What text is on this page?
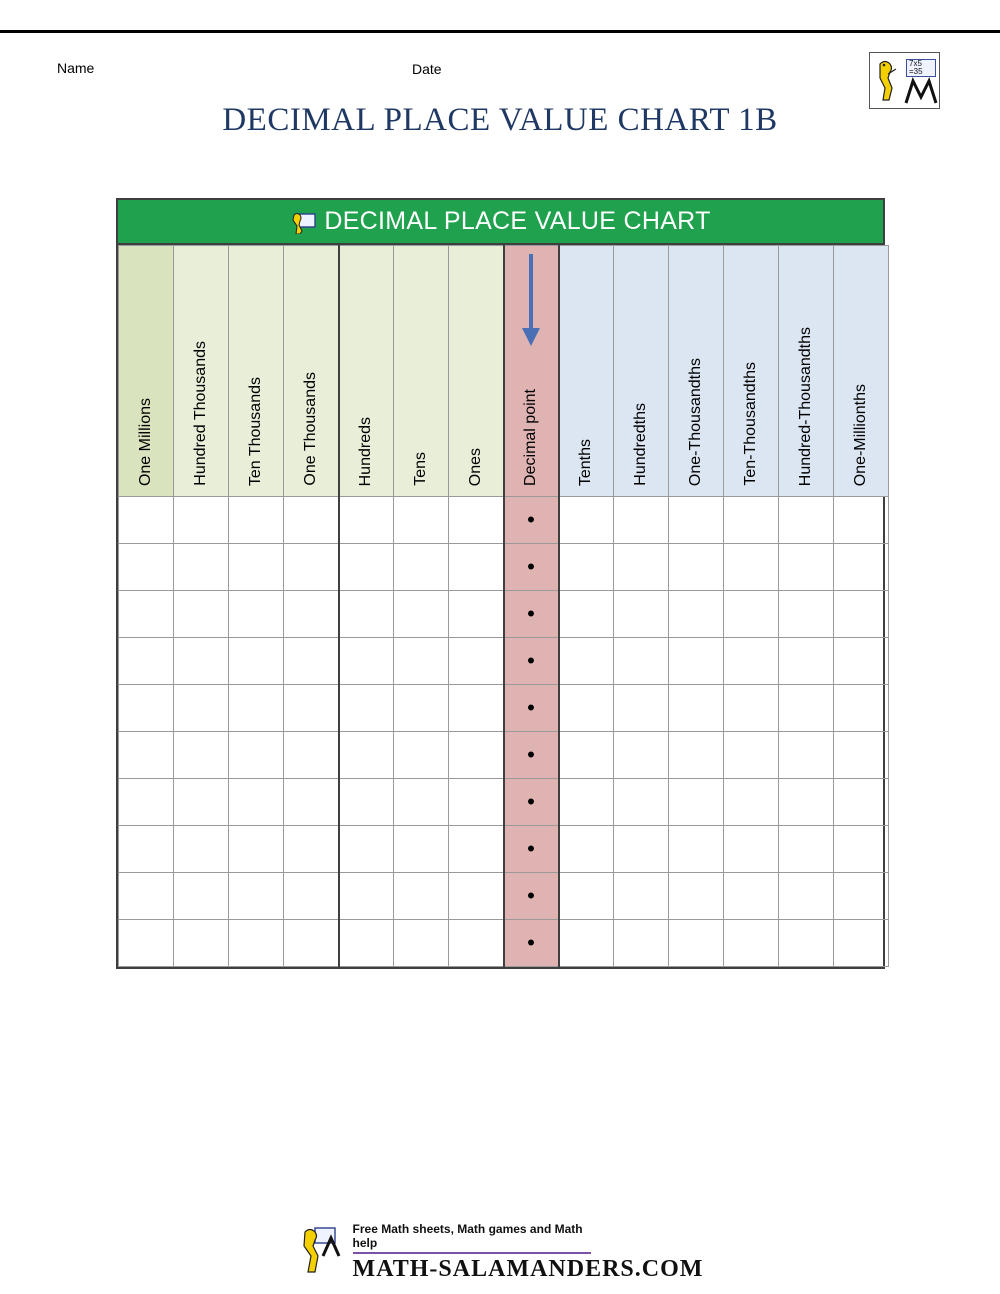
Name	Date
DECIMAL PLACE VALUE CHART 1B
7x5
=35
DECIMAL PLACE VALUE CHART
One Millions	Hundred Thousands	Ten Thousands	One Thousands	Hundreds	Tens	Ones	Decimal point	Tenths	Hundredths	One-Thousandths	Ten-Thousandths	Hundred-Thousandths	One-Millionths

							•						
							•						
							•						
							•						
							•						
							•						
							•						
							•						
							•						
							•						
Free Math sheets, Math games and Math help
MATH-SALAMANDERS.COM
